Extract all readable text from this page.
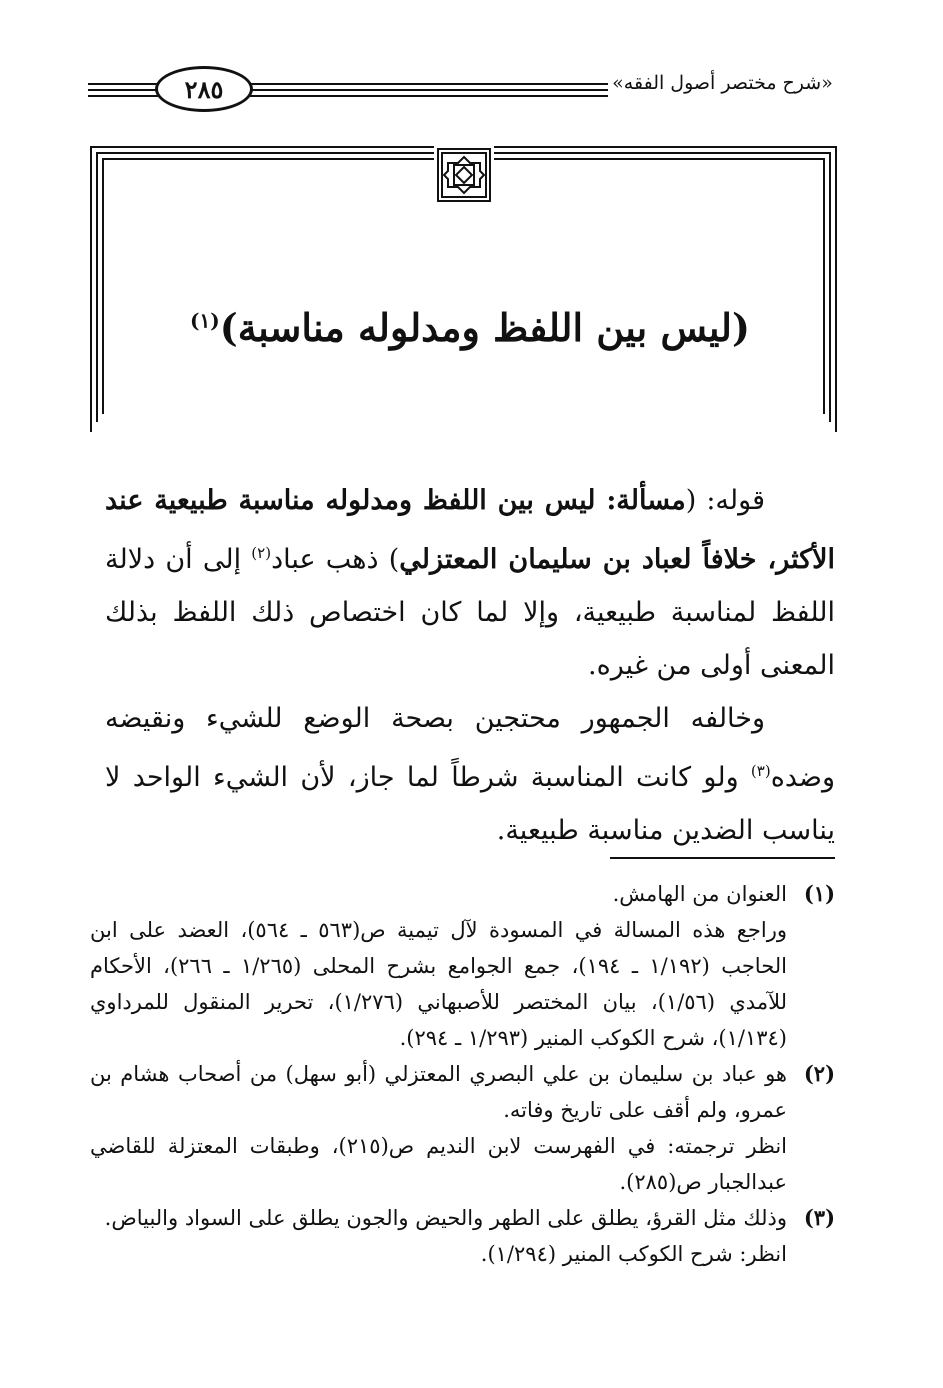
٢٨٥	«شرح مختصر أصول الفقه»
(ليس بين اللفظ ومدلوله مناسبة)$^{(١)}$

قوله: (مسألة: ليس بين اللفظ ومدلوله مناسبة طبيعية عند الأكثر، خلافاً لعباد بن سليمان المعتزلي) ذهب عباد$^{(٢)}$ إلى أن دلالة اللفظ لمناسبة طبيعية، وإلا لما كان اختصاص ذلك اللفظ بذلك المعنى أولى من غيره.

وخالفه الجمهور محتجين بصحة الوضع للشيء ونقيضه وضده$^{(٣)}$ ولو كانت المناسبة شرطاً لما جاز، لأن الشيء الواحد لا يناسب الضدين مناسبة طبيعية.

(١)

العنوان من الهامش.

وراجع هذه المسالة في المسودة لآل تيمية ص(٥٦٣ ـ ٥٦٤)، العضد على ابن الحاجب (١/١٩٢ ـ ١٩٤)، جمع الجوامع بشرح المحلى (١/٢٦٥ ـ ٢٦٦)، الأحكام للآمدي (١/٥٦)، بيان المختصر للأصبهاني (١/٢٧٦)، تحرير المنقول للمرداوي (١/١٣٤)، شرح الكوكب المنير (١/٢٩٣ ـ ٢٩٤).

(٢)

هو عباد بن سليمان بن علي البصري المعتزلي (أبو سهل) من أصحاب هشام بن عمرو، ولم أقف على تاريخ وفاته.

انظر ترجمته: في الفهرست لابن النديم ص(٢١٥)، وطبقات المعتزلة للقاضي عبدالجبار ص(٢٨٥).

(٣)

وذلك مثل القرؤ، يطلق على الطهر والحيض والجون يطلق على السواد والبياض.

انظر: شرح الكوكب المنير (١/٢٩٤).
